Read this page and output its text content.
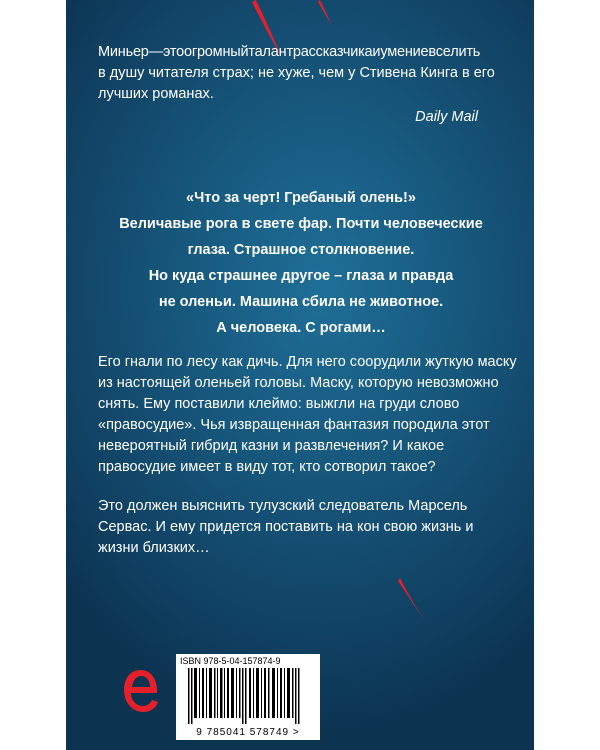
Миньер—этоогромныйталантрассказчикаиумениевселить
в душу читателя страх; не хуже, чем у Стивена Кинга в его
лучших романах.
Daily Mail
«Что за черт! Гребаный олень!»
Величавые рога в свете фар. Почти человеческие
глаза. Страшное столкновение.
Но куда страшнее другое – глаза и правда
не оленьи. Машина сбила не животное.
А человека. С рогами…

Его гнали по лесу как дичь. Для него соорудили жуткую маску из настоящей оленьей головы. Маску, которую невозможно снять. Ему поставили клеймо: выжгли на груди слово «правосудие». Чья извращенная фантазия породила этот невероятный гибрид казни и развлечения? И какое правосудие имеет в виду тот, кто сотворил такое?

Это должен выяснить тулузский следователь Марсель Сервас. И ему придется поставить на кон свою жизнь и жизни близких…

ISBN 978-5-04-157874-9
9 785041 578749 >
